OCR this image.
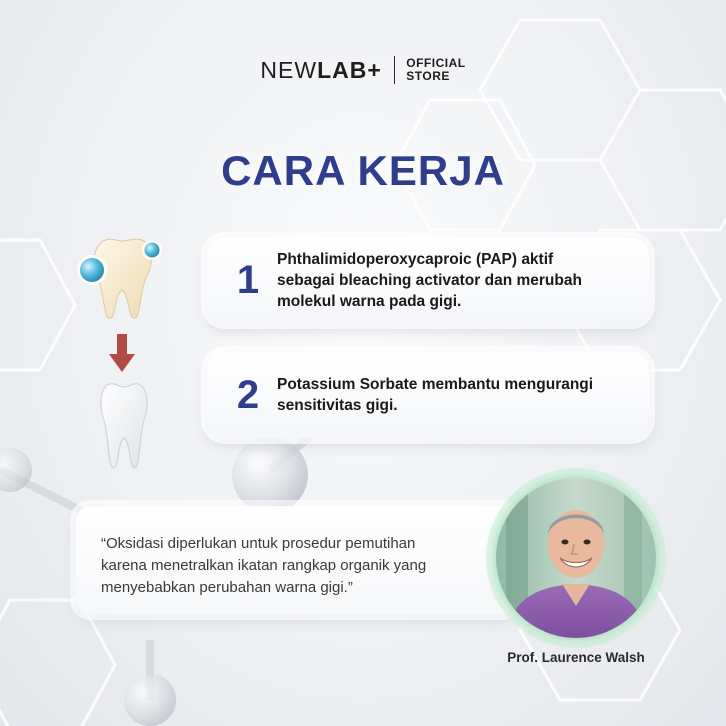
NEW LAB+ OFFICIAL
STORE
CARA KERJA
1	Phthalimidoperoxycaproic (PAP) aktif
sebagai bleaching activator dan merubah
molekul warna pada gigi.
2	Potassium Sorbate membantu mengurangi
sensitivitas gigi.
“Oksidasi diperlukan untuk prosedur pemutihan
karena menetralkan ikatan rangkap organik yang
menyebabkan perubahan warna gigi.”
Prof. Laurence Walsh
